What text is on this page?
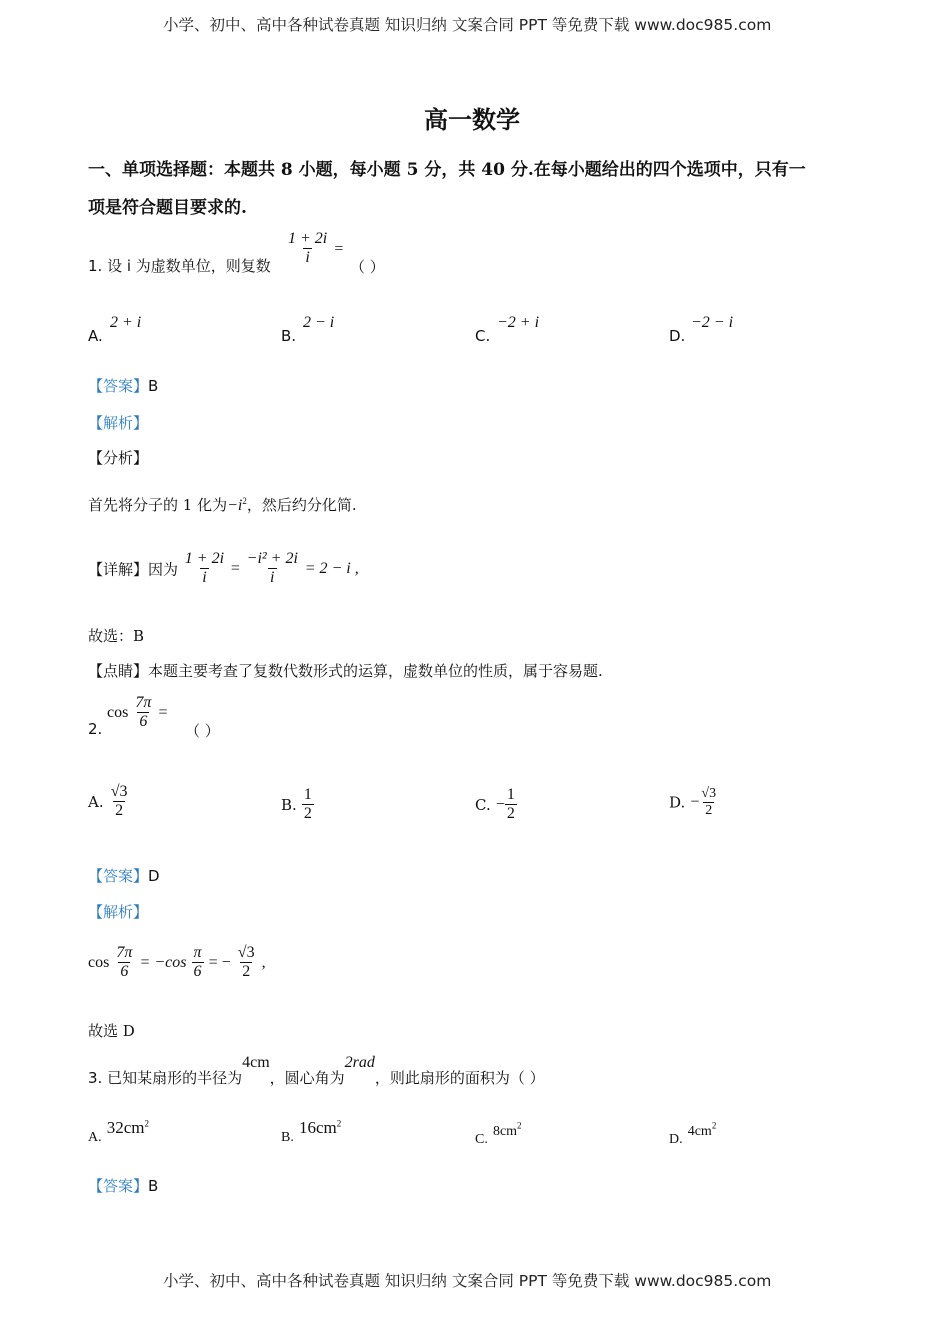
小学、初中、高中各种试卷真题 知识归纳 文案合同 PPT 等免费下载 www.doc985.com
小学、初中、高中各种试卷真题 知识归纳 文案合同 PPT 等免费下载 www.doc985.com
高一数学
一、单项选择题：本题共 8 小题，每小题 5 分，共 40 分.在每小题给出的四个选项中，只有一
项是符合题目要求的.
1. 设 i 为虚数单位，则复数 $\frac{1 + 2i}{i}$ =
（ ）
A.
2 + i
B.
2 − i
C.
−2 + i
D.
−2 − i
【答案】B
【解析】
【分析】
首先将分子的 1 化为$-i^2$，然后约分化简.
【详解】因为 $\frac{1 + 2i}{i} = \frac{\text{−i² + 2i}}{i} = 2 - i$ ,
故选：B
【点睛】本题主要考查了复数代数形式的运算，虚数单位的性质，属于容易题.
2.
$\cos \frac{7\pi}{6}$ =
（ ）
A. $\frac{√3}{2}$	B. $\frac{1}{2}$	C. − $\frac{1}{2}$	D. − $\frac{√3}{2}$
【答案】D
【解析】
$\cos \frac{7\pi}{6} = -\cos \frac{\pi}{6}$ = − $\frac{√3}{2}$ ,
故选 D
3. 已知某扇形的半径为4cm，圆心角为2rad，则此扇形的面积为（ ）
A. $32cm^2$
B. $16cm^2$
C. $8cm^2$
D. $4cm^2$
【答案】B
